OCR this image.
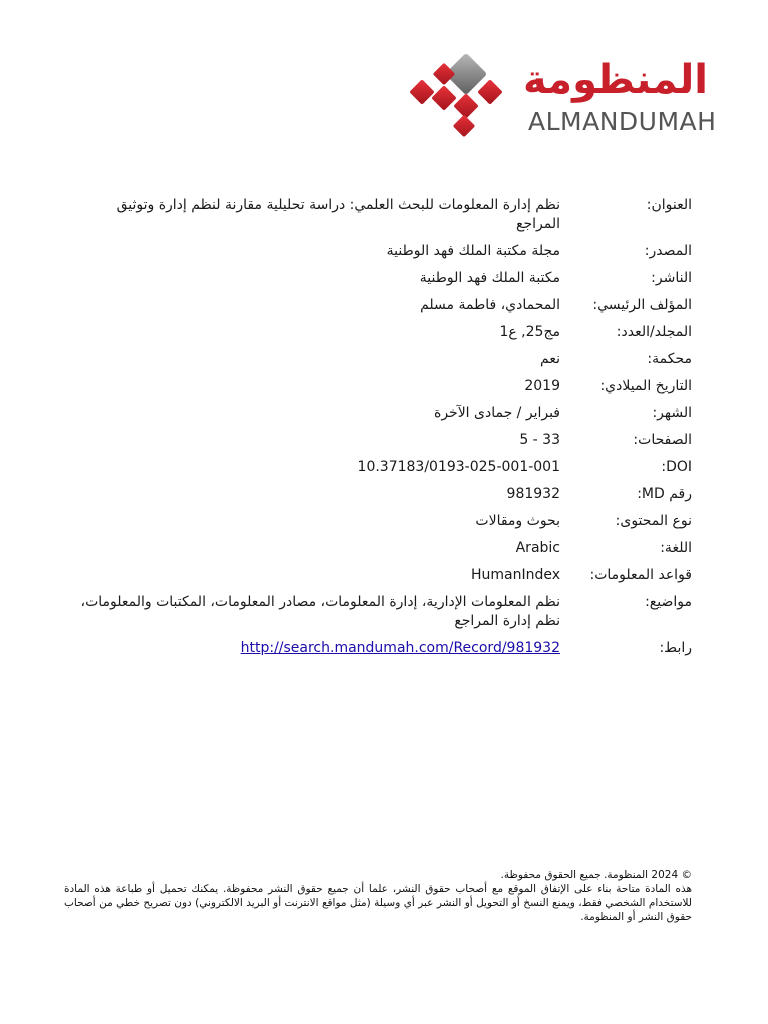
المنظومة
ALMANDUMAH
العنوان:
نظم إدارة المعلومات للبحث العلمي: دراسة تحليلية مقارنة لنظم إدارة وتوثيق المراجع
المصدر:
مجلة مكتبة الملك فهد الوطنية
الناشر:
مكتبة الملك فهد الوطنية
المؤلف الرئيسي:
المحمادي، فاطمة مسلم
المجلد/العدد:
مج25, ع1
محكمة:
نعم
التاريخ الميلادي:
2019
الشهر:
فبراير / جمادى الآخرة
الصفحات:
5 - 33
DOI:
10.37183/0193-025-001-001
رقم MD:
981932
نوع المحتوى:
بحوث ومقالات
اللغة:
Arabic
قواعد المعلومات:
HumanIndex
مواضيع:
نظم المعلومات الإدارية، إدارة المعلومات، مصادر المعلومات، المكتبات والمعلومات، نظم إدارة المراجع
رابط:
http://search.mandumah.com/Record/981932

© 2024 المنظومة. جميع الحقوق محفوظة.

هذه المادة متاحة بناء على الإتفاق الموقع مع أصحاب حقوق النشر، علما أن جميع حقوق النشر محفوظة. يمكنك تحميل أو طباعة هذه المادة للاستخدام الشخصي فقط، ويمنع النسخ أو التحويل أو النشر عبر أي وسيلة (مثل مواقع الانترنت أو البريد الالكتروني) دون تصريح خطي من أصحاب حقوق النشر أو المنظومة.
